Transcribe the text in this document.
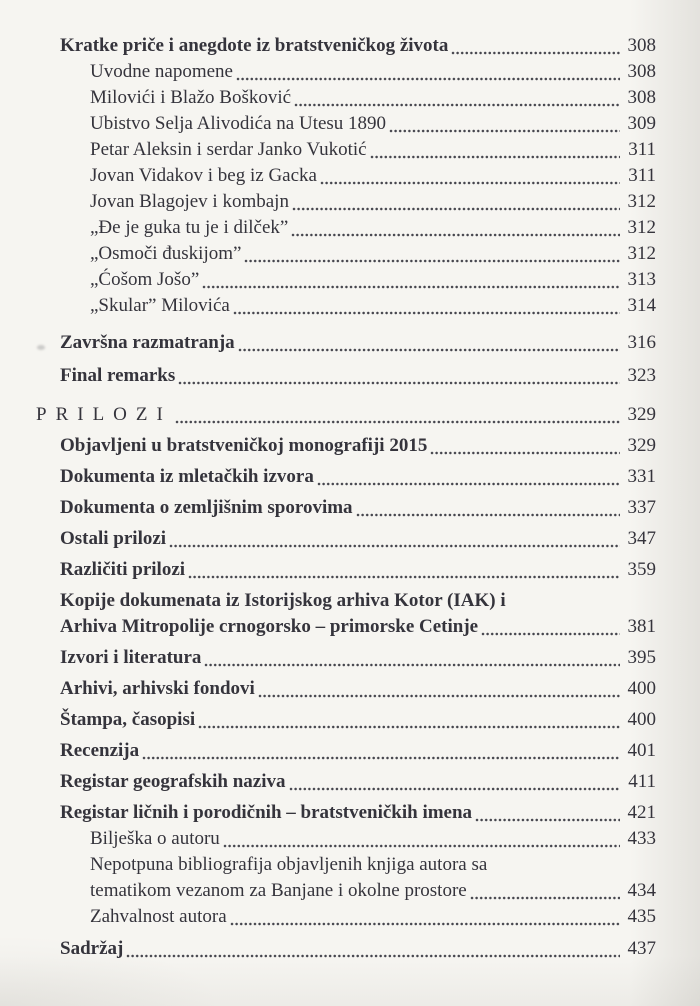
Kratke priče i anegdote iz bratstveničkog života	308
Uvodne napomene	308
Milovići i Blažo Bošković	308
Ubistvo Selja Alivodića na Utesu 1890	309
Petar Aleksin i serdar Janko Vukotić	311
Jovan Vidakov i beg iz Gacka	311
Jovan Blagojev i kombajn	312
„Đe je guka tu je i dilček”	312
„Osmoči đuskijom”	312
„Ćošom Jošo”	313
„Skular” Milovića	314
Završna razmatranja	316
Final remarks	323
PRILOZI	329
Objavljeni u bratstveničkoj monografiji 2015	329
Dokumenta iz mletačkih izvora	331
Dokumenta o zemljišnim sporovima	337
Ostali prilozi	347
Različiti prilozi	359
Kopije dokumenata iz Istorijskog arhiva Kotor (IAK) i
Arhiva Mitropolije crnogorsko – primorske Cetinje	381
Izvori i literatura	395
Arhivi, arhivski fondovi	400
Štampa, časopisi	400
Recenzija	401
Registar geografskih naziva	411
Registar ličnih i porodičnih – bratstveničkih imena	421
Bilješka o autoru	433
Nepotpuna bibliografija objavljenih knjiga autora sa
tematikom vezanom za Banjane i okolne prostore	434
Zahvalnost autora	435
Sadržaj	437
